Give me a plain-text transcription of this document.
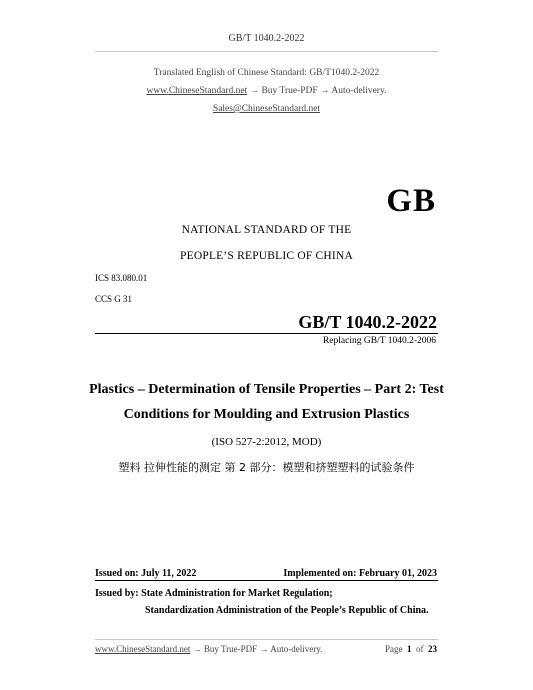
GB/T 1040.2-2022
Translated English of Chinese Standard: GB/T1040.2-2022
www.ChineseStandard.net → Buy True-PDF → Auto-delivery.
Sales@ChineseStandard.net
GB
NATIONAL STANDARD OF THE
PEOPLE’S REPUBLIC OF CHINA
ICS 83.080.01
CCS G 31
GB/T 1040.2-2022
Replacing GB/T 1040.2-2006
Plastics – Determination of Tensile Properties – Part 2: Test
Conditions for Moulding and Extrusion Plastics
(ISO 527-2:2012, MOD)
塑料 拉伸性能的测定 第 2 部分：模塑和挤塑塑料的试验条件
Issued on: July 11, 2022	Implemented on: February 01, 2023
Issued by: State Administration for Market Regulation;
Standardization Administration of the People’s Republic of China.
www.ChineseStandard.net → Buy True-PDF → Auto-delivery.	Page 1 of 23
